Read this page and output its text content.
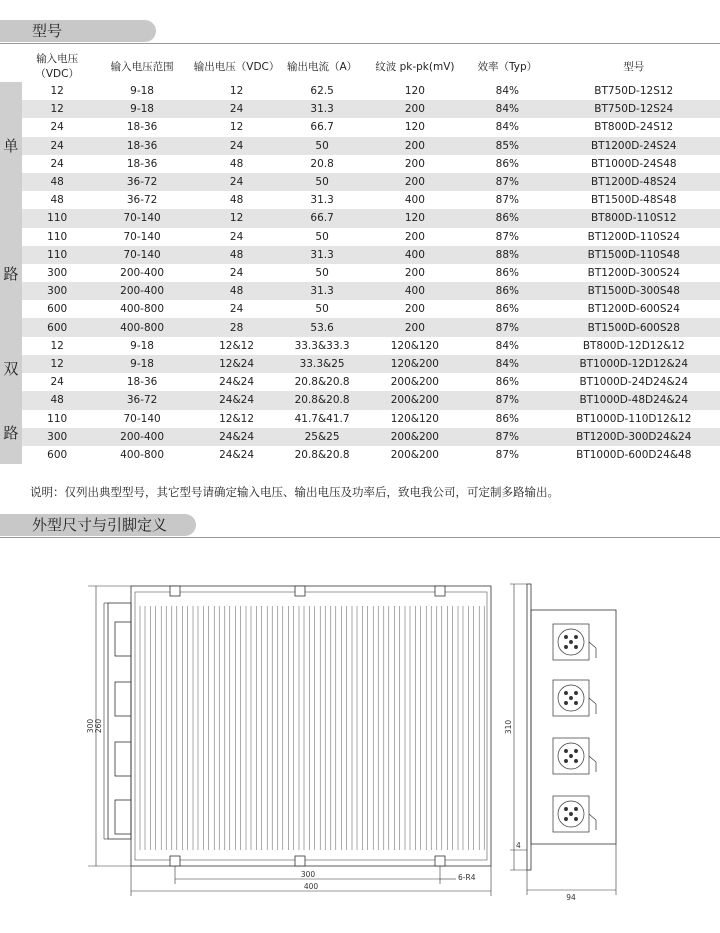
型号
	输入电压（VDC）	输入电压范围	输出电压（VDC）	输出电流（A）	纹波 pk-pk(mV)	效率（Typ）	型号

单
路	12	9-18	12	62.5	120	84%	BT750D-12S12
	12	9-18	24	31.3	200	84%	BT750D-12S24
	24	18-36	12	66.7	120	84%	BT800D-24S12
	24	18-36	24	50	200	85%	BT1200D-24S24
	24	18-36	48	20.8	200	86%	BT1000D-24S48
	48	36-72	24	50	200	87%	BT1200D-48S24
	48	36-72	48	31.3	400	87%	BT1500D-48S48
	110	70-140	12	66.7	120	86%	BT800D-110S12
	110	70-140	24	50	200	87%	BT1200D-110S24
	110	70-140	48	31.3	400	88%	BT1500D-110S48
	300	200-400	24	50	200	86%	BT1200D-300S24
	300	200-400	48	31.3	400	86%	BT1500D-300S48
	600	400-800	24	50	200	86%	BT1200D-600S24
	600	400-800	28	53.6	200	87%	BT1500D-600S28

双
路	12	9-18	12&12	33.3&33.3	120&120	84%	BT800D-12D12&12
	12	9-18	12&24	33.3&25	120&200	84%	BT1000D-12D12&24
	24	18-36	24&24	20.8&20.8	200&200	86%	BT1000D-24D24&24
	48	36-72	24&24	20.8&20.8	200&200	87%	BT1000D-48D24&24
	110	70-140	12&12	41.7&41.7	120&120	86%	BT1000D-110D12&12
	300	200-400	24&24	25&25	200&200	87%	BT1200D-300D24&24
	600	400-800	24&24	20.8&20.8	200&200	87%	BT1000D-600D24&48
说明：仅列出典型型号，其它型号请确定输入电压、输出电压及功率后，致电我公司，可定制多路输出。
外型尺寸与引脚定义
300 260
400
300	6-R4
310
4
94
